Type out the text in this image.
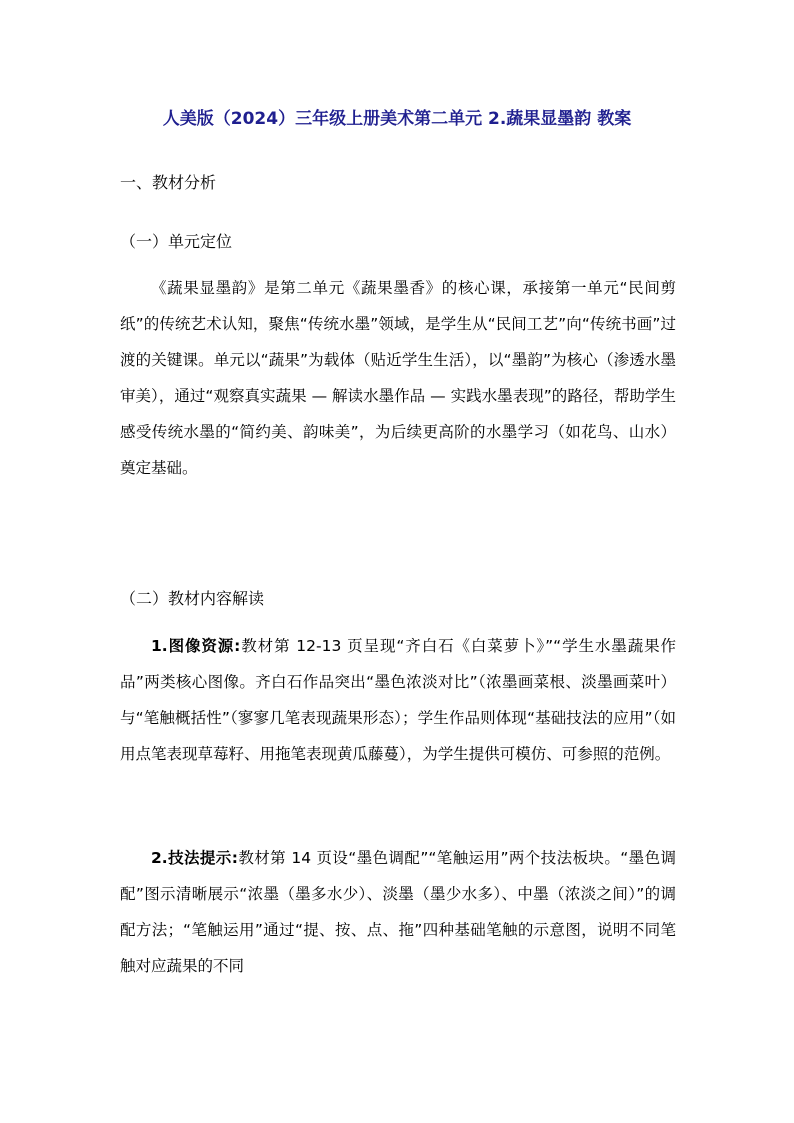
人美版（2024）三年级上册美术第二单元 2.蔬果显墨韵 教案
一、教材分析
（一）单元定位

《蔬果显墨韵》是第二单元《蔬果墨香》的核心课，承接第一单元“民间剪纸”的传统艺术认知，聚焦“传统水墨”领域，是学生从“民间工艺”向“传统书画”过渡的关键课。单元以“蔬果”为载体（贴近学生生活），以“墨韵”为核心（渗透水墨审美），通过“观察真实蔬果 — 解读水墨作品 — 实践水墨表现”的路径，帮助学生感受传统水墨的“简约美、韵味美”，为后续更高阶的水墨学习（如花鸟、山水）奠定基础。

（二）教材内容解读

1.图像资源:教材第 12-13 页呈现“齐白石《白菜萝卜》”“学生水墨蔬果作品”两类核心图像。齐白石作品突出“墨色浓淡对比”（浓墨画菜根、淡墨画菜叶）与“笔触概括性”（寥寥几笔表现蔬果形态）；学生作品则体现“基础技法的应用”（如用点笔表现草莓籽、用拖笔表现黄瓜藤蔓），为学生提供可模仿、可参照的范例。

2.技法提示:教材第 14 页设“墨色调配”“笔触运用”两个技法板块。“墨色调配”图示清晰展示“浓墨（墨多水少）、淡墨（墨少水多）、中墨（浓淡之间）”的调配方法；“笔触运用”通过“提、按、点、拖”四种基础笔触的示意图，说明不同笔触对应蔬果的不同
